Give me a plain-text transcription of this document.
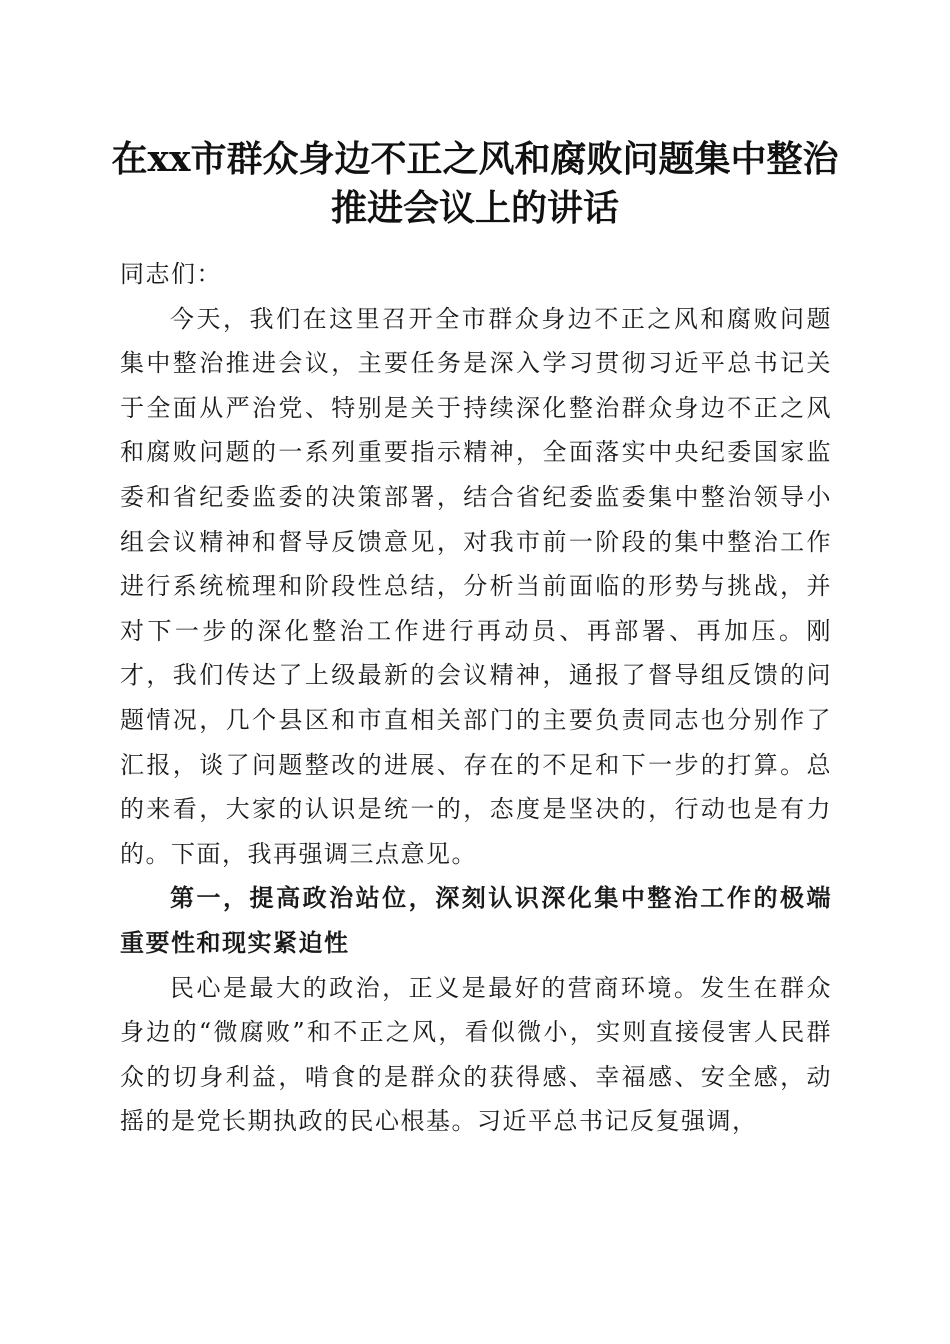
在xx市群众身边不正之风和腐败问题集中整治推进会议上的讲话

同志们：

今天，我们在这里召开全市群众身边不正之风和腐败问题集中整治推进会议，主要任务是深入学习贯彻习近平总书记关于全面从严治党、特别是关于持续深化整治群众身边不正之风和腐败问题的一系列重要指示精神，全面落实中央纪委国家监委和省纪委监委的决策部署，结合省纪委监委集中整治领导小组会议精神和督导反馈意见，对我市前一阶段的集中整治工作进行系统梳理和阶段性总结，分析当前面临的形势与挑战，并对下一步的深化整治工作进行再动员、再部署、再加压。刚才，我们传达了上级最新的会议精神，通报了督导组反馈的问题情况，几个县区和市直相关部门的主要负责同志也分别作了汇报，谈了问题整改的进展、存在的不足和下一步的打算。总的来看，大家的认识是统一的，态度是坚决的，行动也是有力的。下面，我再强调三点意见。

第一，提高政治站位，深刻认识深化集中整治工作的极端重要性和现实紧迫性

民心是最大的政治，正义是最好的营商环境。发生在群众身边的“微腐败”和不正之风，看似微小，实则直接侵害人民群众的切身利益，啃食的是群众的获得感、幸福感、安全感，动摇的是党长期执政的民心根基。习近平总书记反复强调，
